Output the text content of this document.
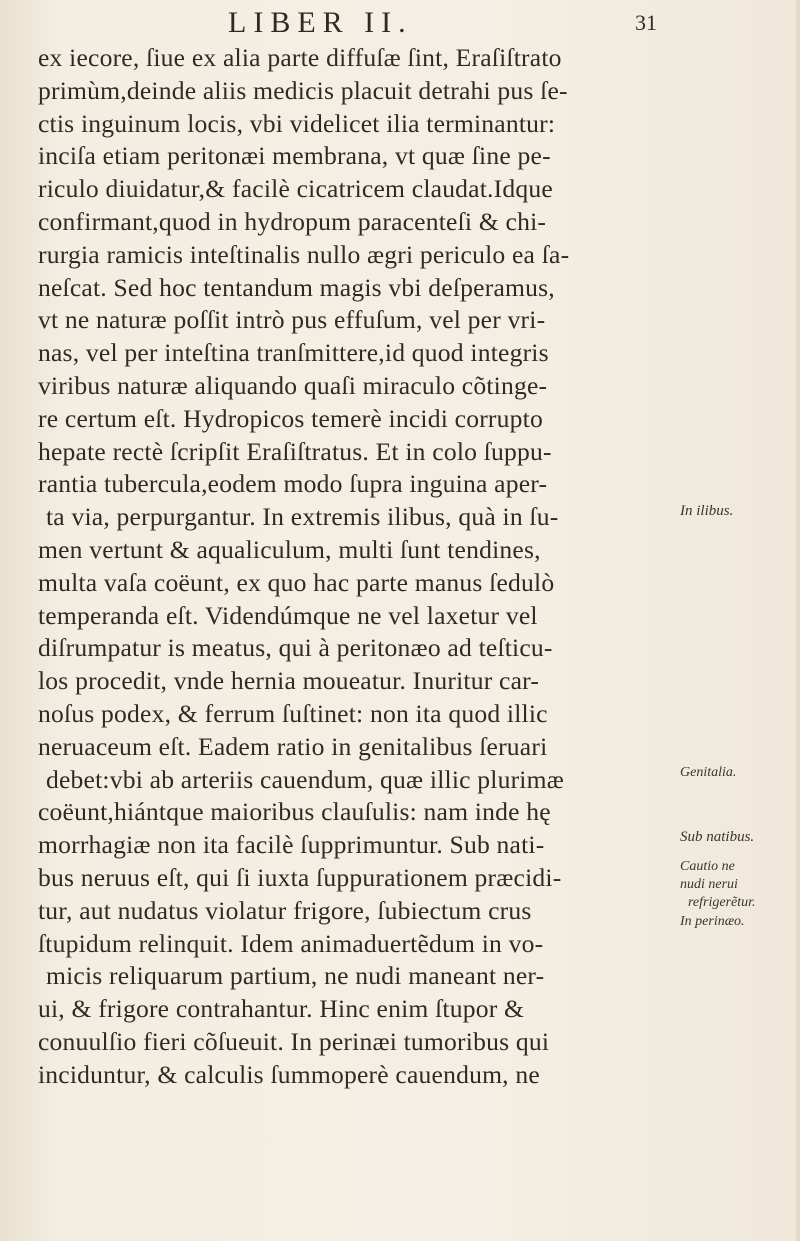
LIBER II.	31
ex iecore, ſiue ex alia parte diffuſæ ſint, Eraſiſtrato
primùm,deinde aliis medicis placuit detrahi pus ſe-
ctis inguinum locis, vbi videlicet ilia terminantur:
inciſa etiam peritonæi membrana, vt quæ ſine pe-
riculo diuidatur,& facilè cicatricem claudat.Idque
confirmant,quod in hydropum paracenteſi & chi-
rurgia ramicis inteſtinalis nullo ægri periculo ea ſa-
neſcat. Sed hoc tentandum magis vbi deſperamus,
vt ne naturæ poſſit intrò pus effuſum, vel per vri-
nas, vel per inteſtina tranſmittere,id quod integris
viribus naturæ aliquando quaſi miraculo cõtinge-
re certum eſt. Hydropicos temerè incidi corrupto
hepate rectè ſcripſit Eraſiſtratus. Et in colo ſuppu-
rantia tubercula,eodem modo ſupra inguina aper-
ta via, perpurgantur. In extremis ilibus, quà in ſu-
men vertunt & aqualiculum, multi ſunt tendines,
multa vaſa coëunt, ex quo hac parte manus ſedulò
temperanda eſt. Videndúmque ne vel laxetur vel
diſrumpatur is meatus, qui à peritonæo ad teſticu-
los procedit, vnde hernia moueatur. Inuritur car-
noſus podex, & ferrum ſuſtinet: non ita quod illic
neruaceum eſt. Eadem ratio in genitalibus ſeruari
debet:vbi ab arteriis cauendum, quæ illic plurimæ
coëunt,hiántque maioribus clauſulis: nam inde hę
morrhagiæ non ita facilè ſupprimuntur. Sub nati-
bus neruus eſt, qui ſi iuxta ſuppurationem præcidi-
tur, aut nudatus violatur frigore, ſubiectum crus
ſtupidum relinquit. Idem animaduertẽdum in vo-
micis reliquarum partium, ne nudi maneant ner-
ui, & frigore contrahantur. Hinc enim ſtupor &
conuulſio fieri cõſueuit. In perinæi tumoribus qui
inciduntur, & calculis ſummoperè cauendum, ne
In ilibus.
Genitalia.
Sub natibus.
Cautio ne
nudi nerui
refrigerẽtur.
In perinæo.
